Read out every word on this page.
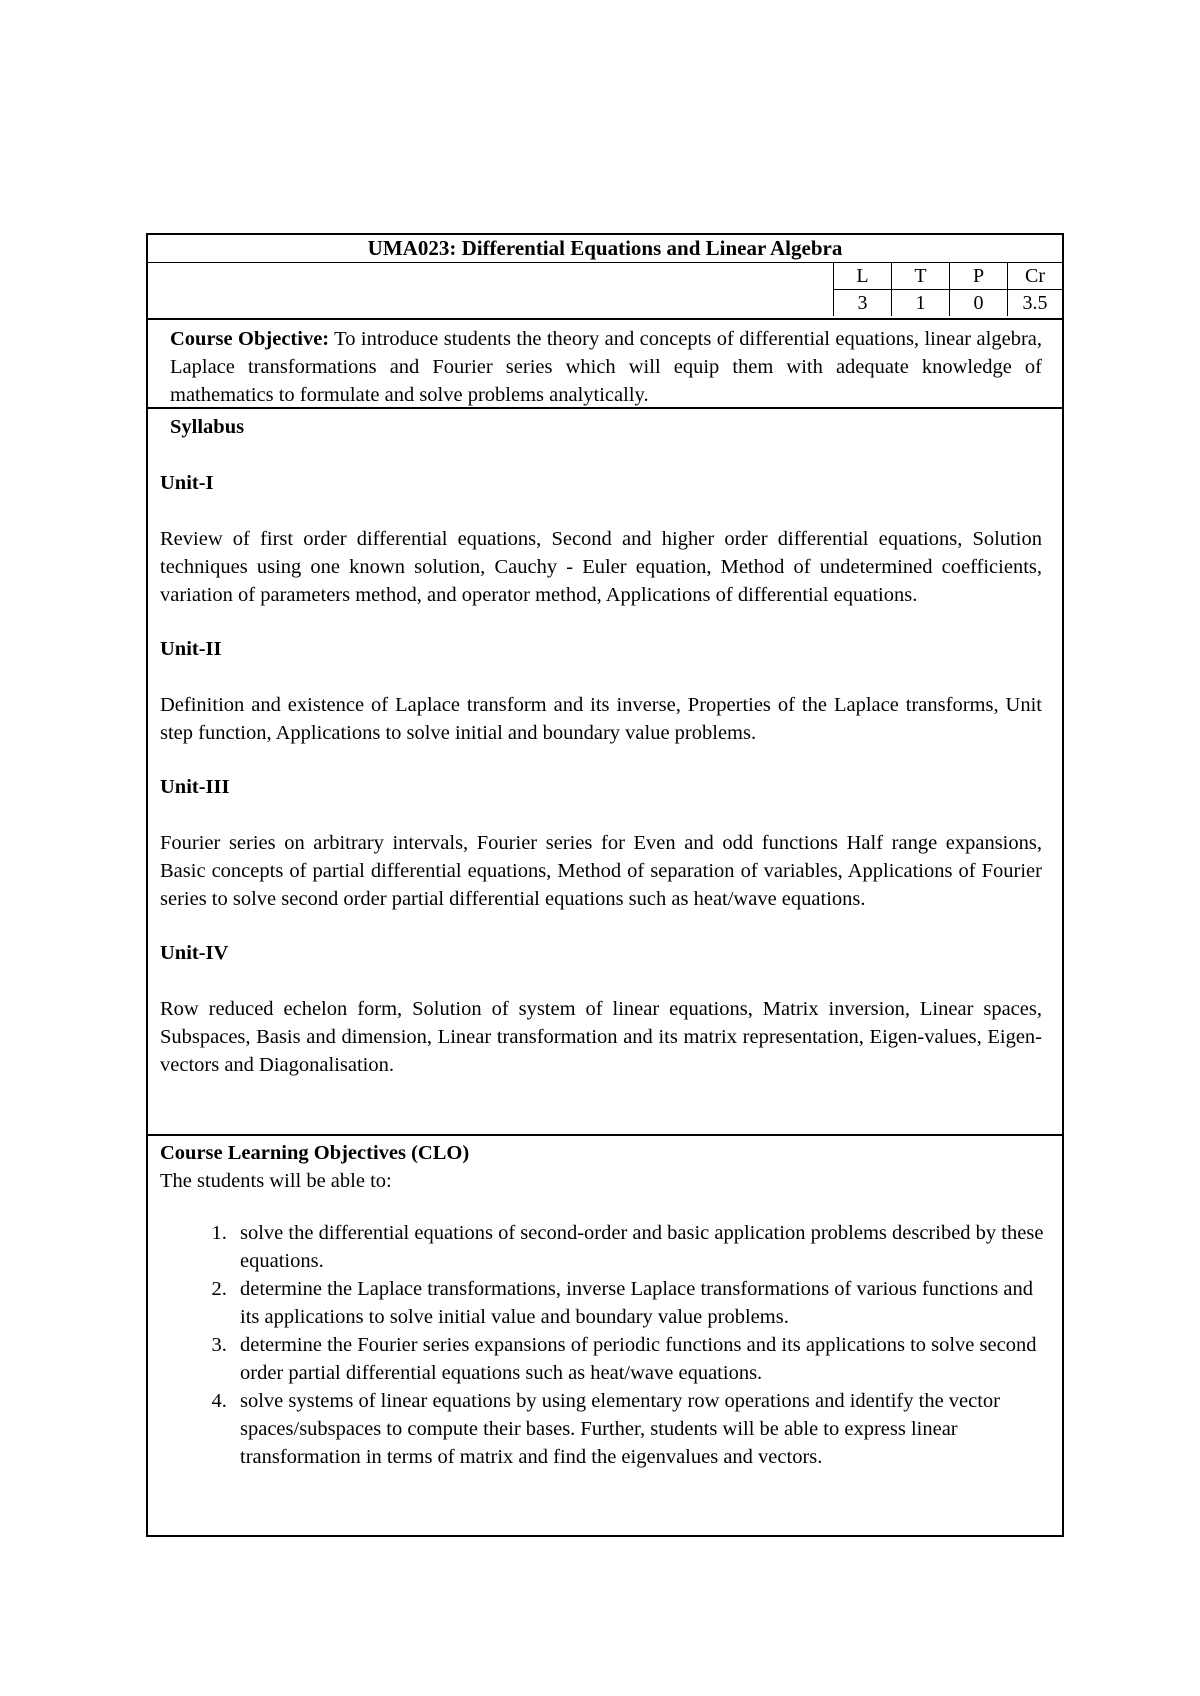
UMA023: Differential Equations and Linear Algebra
L	T	P	Cr
3	1	0	3.5
Course Objective: To introduce students the theory and concepts of differential equations, linear algebra, Laplace transformations and Fourier series which will equip them with adequate knowledge of mathematics to formulate and solve problems analytically.

Syllabus

Unit-I

Review of first order differential equations, Second and higher order differential equations, Solution techniques using one known solution, Cauchy - Euler equation, Method of undetermined coefficients, variation of parameters method, and operator method, Applications of differential equations.

Unit-II

Definition and existence of Laplace transform and its inverse, Properties of the Laplace transforms, Unit step function, Applications to solve initial and boundary value problems.

Unit-III

Fourier series on arbitrary intervals, Fourier series for Even and odd functions Half range expansions, Basic concepts of partial differential equations, Method of separation of variables, Applications of Fourier series to solve second order partial differential equations such as heat/wave equations.

Unit-IV

Row reduced echelon form, Solution of system of linear equations, Matrix inversion, Linear spaces, Subspaces, Basis and dimension, Linear transformation and its matrix representation, Eigen-values, Eigen-vectors and Diagonalisation.

Course Learning Objectives (CLO)

The students will be able to:

1. solve the differential equations of second-order and basic application problems described by these equations.
2. determine the Laplace transformations, inverse Laplace transformations of various functions and its applications to solve initial value and boundary value problems.
3. determine the Fourier series expansions of periodic functions and its applications to solve second order partial differential equations such as heat/wave equations.
4. solve systems of linear equations by using elementary row operations and identify the vector spaces/subspaces to compute their bases. Further, students will be able to express linear transformation in terms of matrix and find the eigenvalues and vectors.
